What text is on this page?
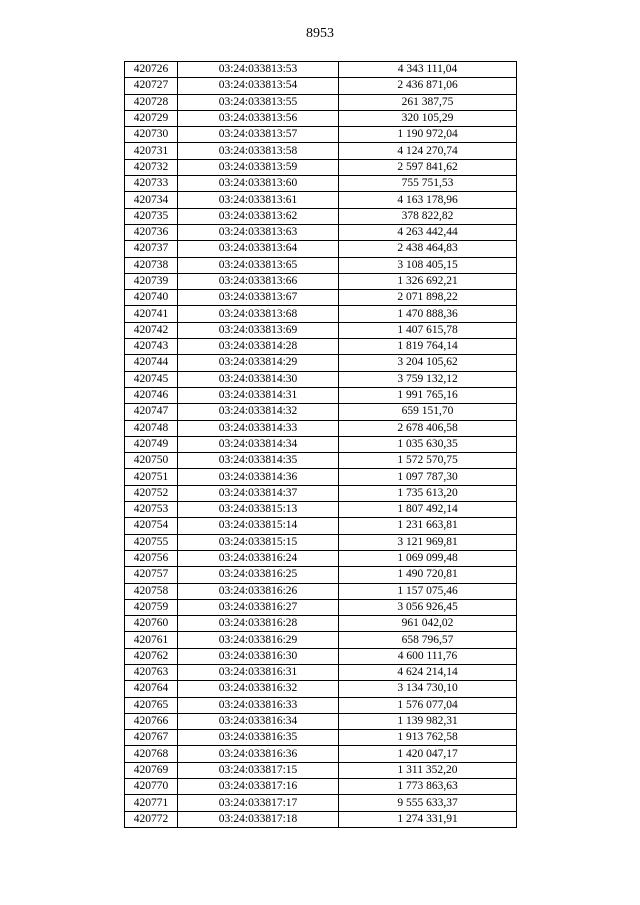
8953
420726	03:24:033813:53	4 343 111,04
420727	03:24:033813:54	2 436 871,06
420728	03:24:033813:55	261 387,75
420729	03:24:033813:56	320 105,29
420730	03:24:033813:57	1 190 972,04
420731	03:24:033813:58	4 124 270,74
420732	03:24:033813:59	2 597 841,62
420733	03:24:033813:60	755 751,53
420734	03:24:033813:61	4 163 178,96
420735	03:24:033813:62	378 822,82
420736	03:24:033813:63	4 263 442,44
420737	03:24:033813:64	2 438 464,83
420738	03:24:033813:65	3 108 405,15
420739	03:24:033813:66	1 326 692,21
420740	03:24:033813:67	2 071 898,22
420741	03:24:033813:68	1 470 888,36
420742	03:24:033813:69	1 407 615,78
420743	03:24:033814:28	1 819 764,14
420744	03:24:033814:29	3 204 105,62
420745	03:24:033814:30	3 759 132,12
420746	03:24:033814:31	1 991 765,16
420747	03:24:033814:32	659 151,70
420748	03:24:033814:33	2 678 406,58
420749	03:24:033814:34	1 035 630,35
420750	03:24:033814:35	1 572 570,75
420751	03:24:033814:36	1 097 787,30
420752	03:24:033814:37	1 735 613,20
420753	03:24:033815:13	1 807 492,14
420754	03:24:033815:14	1 231 663,81
420755	03:24:033815:15	3 121 969,81
420756	03:24:033816:24	1 069 099,48
420757	03:24:033816:25	1 490 720,81
420758	03:24:033816:26	1 157 075,46
420759	03:24:033816:27	3 056 926,45
420760	03:24:033816:28	961 042,02
420761	03:24:033816:29	658 796,57
420762	03:24:033816:30	4 600 111,76
420763	03:24:033816:31	4 624 214,14
420764	03:24:033816:32	3 134 730,10
420765	03:24:033816:33	1 576 077,04
420766	03:24:033816:34	1 139 982,31
420767	03:24:033816:35	1 913 762,58
420768	03:24:033816:36	1 420 047,17
420769	03:24:033817:15	1 311 352,20
420770	03:24:033817:16	1 773 863,63
420771	03:24:033817:17	9 555 633,37
420772	03:24:033817:18	1 274 331,91
